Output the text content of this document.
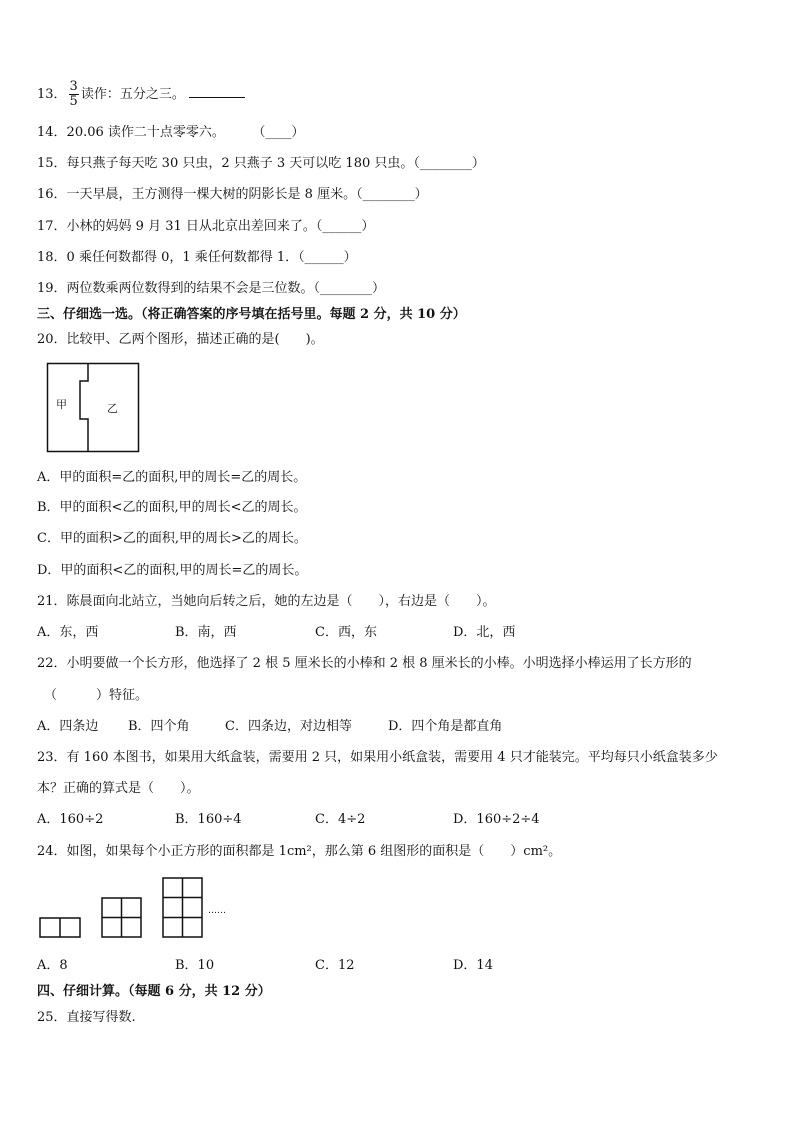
13． $\frac{3}{5}$ 读作：五分之三。
14．20.06 读作二十点零零六。	（____）
15．每只燕子每天吃 30 只虫，2 只燕子 3 天可以吃 180 只虫。（________）
16．一天早晨，王方测得一棵大树的阴影长是 8 厘米。（________）
17．小林的妈妈 9 月 31 日从北京出差回来了。（______）
18．0 乘任何数都得 0，1 乘任何数都得 1．（______）
19．两位数乘两位数得到的结果不会是三位数。（________）
三、仔细选一选。（将正确答案的序号填在括号里。每题 2 分，共 10 分）
20．比较甲、乙两个图形，描述正确的是(　　)。
甲	乙
A．甲的面积=乙的面积,甲的周长=乙的周长。
B．甲的面积<乙的面积,甲的周长<乙的周长。
C．甲的面积>乙的面积,甲的周长>乙的周长。
D．甲的面积<乙的面积,甲的周长=乙的周长。
21．陈晨面向北站立，当她向后转之后，她的左边是（　　），右边是（　　）。
A．东，西	B．南，西	C．西，东	D．北，西
22．小明要做一个长方形，他选择了 2 根 5 厘米长的小棒和 2 根 8 厘米长的小棒。小明选择小棒运用了长方形的
（　　　）特征。
A．四条边 B．四个角	C．四条边，对边相等	D．四个角是都直角
23．有 160 本图书，如果用大纸盒装，需要用 2 只，如果用小纸盒装，需要用 4 只才能装完。平均每只小纸盒装多少
本？正确的算式是（　　）。
A．160÷2	B．160÷4	C．4÷2	D．160÷2÷4
24．如图，如果每个小正方形的面积都是 1cm²，那么第 6 组图形的面积是（　　）cm²。
……
A．8	B．10	C．12	D．14
四、仔细计算。（每题 6 分，共 12 分）
25．直接写得数.
